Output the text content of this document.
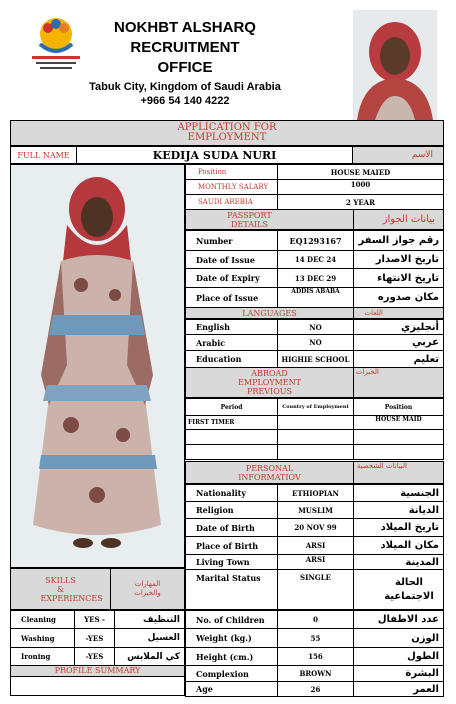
NOKHBT ALSHARQ
RECRUITMENT
OFFICE
Tabuk City, Kingdom of Saudi Arabia
+966 54 140 4222
APPLICATION FOR EMPLOYMENT
FULL NAME	KEDIJA SUDA NURI	الاسم
Position	HOUSE MAIED
MONTHLY SALARY	1000
SAUDI AREBIA	2 YEAR
PASSPORT DETAILS	بيانات الجواز
Number	EQ1293167	رقم جواز السفر
Date of Issue	14 DEC 24	تاريخ الاصدار
Date of Expiry	13 DEC 29	تاريخ الانتهاء
Place of Issue	ADDIS ABABA	مكان صدوره
LANGUAGES	اللغات
English	NO	أنجليزي
Arabic	NO	عربي
Education	HIGHIE SCHOOL	تعليم
ABROAD EMPLOYMENT PREVIOUS	الخبرات
Period	Country of Employment	Position
FIRST TIMER		HOUSE MAID

PERSONAL INFORMATIOV	البيانات الشخصية
Nationality	ETHIOPIAN	الجنسية
Religion	MUSLIM	الديانة
Date of Birth	20 NOV 99	تاريخ الميلاد
Place of Birth	ARSI	مكان الميلاد
Living Town	ARSI	المدينة
Marital Status	SINGLE	الحالة الاجتماعية
SKILLS & EXPERIENCES	المهارات والخبرات
Cleaning	YES -	التنظيف
Washing	-YES	الغسيل
Ironing	-YES	كي الملابس
PROFILE SUMMARY
No. of Children	0	عدد الاطفال
Weight (kg.)	55	الوزن
Height (cm.)	156	الطول
Complexion	BROWN	البشرة
Age	26	العمر
